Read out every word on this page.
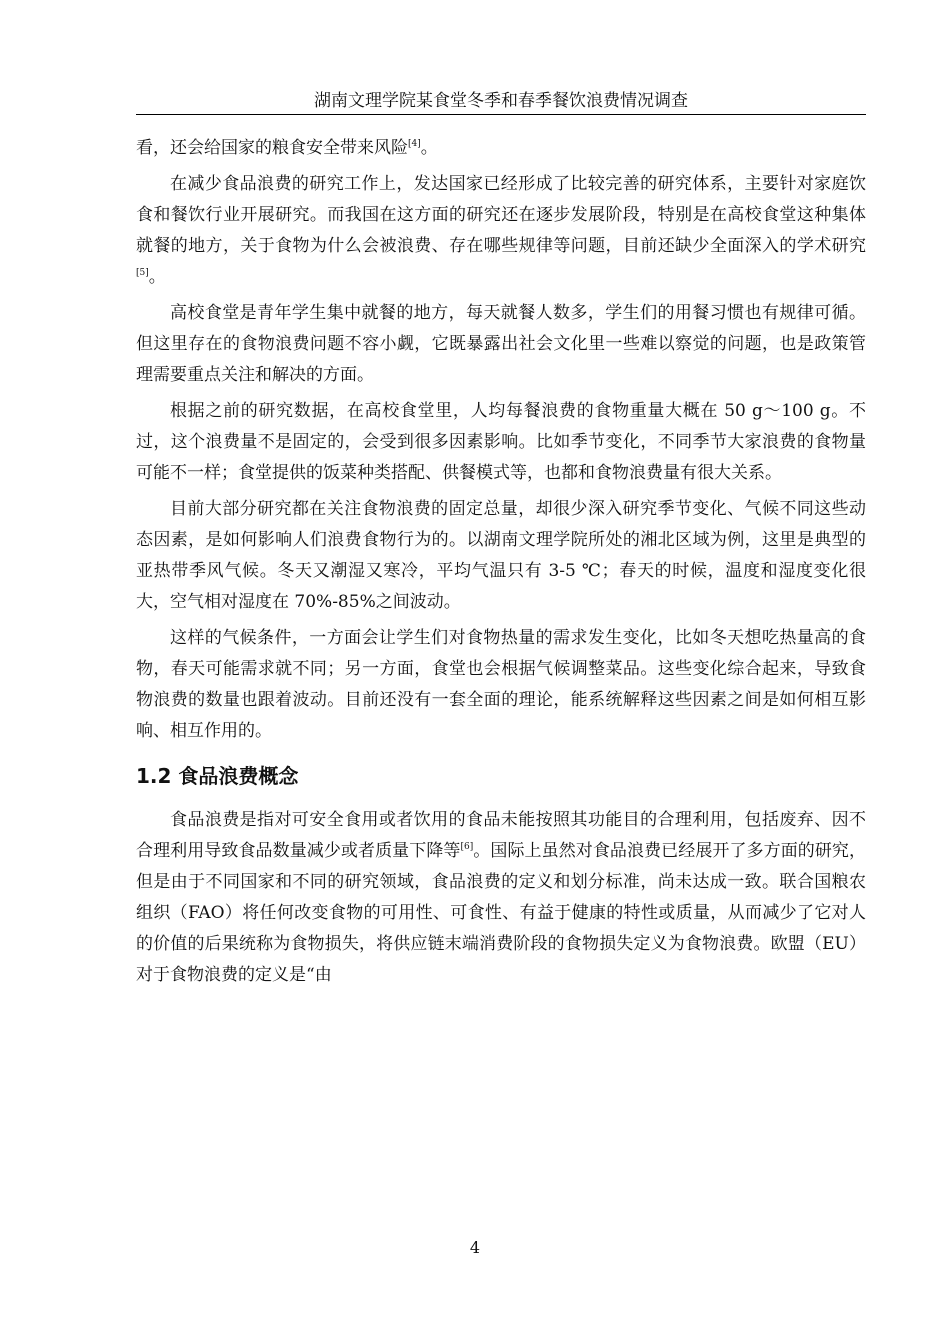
湖南文理学院某食堂冬季和春季餐饮浪费情况调查

看，还会给国家的粮食安全带来风险[4]。

在减少食品浪费的研究工作上，发达国家已经形成了比较完善的研究体系，主要针对家庭饮食和餐饮行业开展研究。而我国在这方面的研究还在逐步发展阶段，特别是在高校食堂这种集体就餐的地方，关于食物为什么会被浪费、存在哪些规律等问题，目前还缺少全面深入的学术研究[5]。

高校食堂是青年学生集中就餐的地方，每天就餐人数多，学生们的用餐习惯也有规律可循。但这里存在的食物浪费问题不容小觑，它既暴露出社会文化里一些难以察觉的问题，也是政策管理需要重点关注和解决的方面。

根据之前的研究数据，在高校食堂里，人均每餐浪费的食物重量大概在 50 g～100 g。不过，这个浪费量不是固定的，会受到很多因素影响。比如季节变化，不同季节大家浪费的食物量可能不一样；食堂提供的饭菜种类搭配、供餐模式等，也都和食物浪费量有很大关系。

目前大部分研究都在关注食物浪费的固定总量，却很少深入研究季节变化、气候不同这些动态因素，是如何影响人们浪费食物行为的。以湖南文理学院所处的湘北区域为例，这里是典型的亚热带季风气候。冬天又潮湿又寒冷，平均气温只有 3-5 ℃；春天的时候，温度和湿度变化很大，空气相对湿度在 70%-85%之间波动。

这样的气候条件，一方面会让学生们对食物热量的需求发生变化，比如冬天想吃热量高的食物，春天可能需求就不同；另一方面，食堂也会根据气候调整菜品。这些变化综合起来，导致食物浪费的数量也跟着波动。目前还没有一套全面的理论，能系统解释这些因素之间是如何相互影响、相互作用的。

1.2 食品浪费概念

食品浪费是指对可安全食用或者饮用的食品未能按照其功能目的合理利用，包括废弃、因不合理利用导致食品数量减少或者质量下降等[6]。国际上虽然对食品浪费已经展开了多方面的研究，但是由于不同国家和不同的研究领域，食品浪费的定义和划分标准，尚未达成一致。联合国粮农组织（FAO）将任何改变食物的可用性、可食性、有益于健康的特性或质量，从而减少了它对人的价值的后果统称为食物损失，将供应链末端消费阶段的食物损失定义为食物浪费。欧盟（EU）对于食物浪费的定义是“由

4
